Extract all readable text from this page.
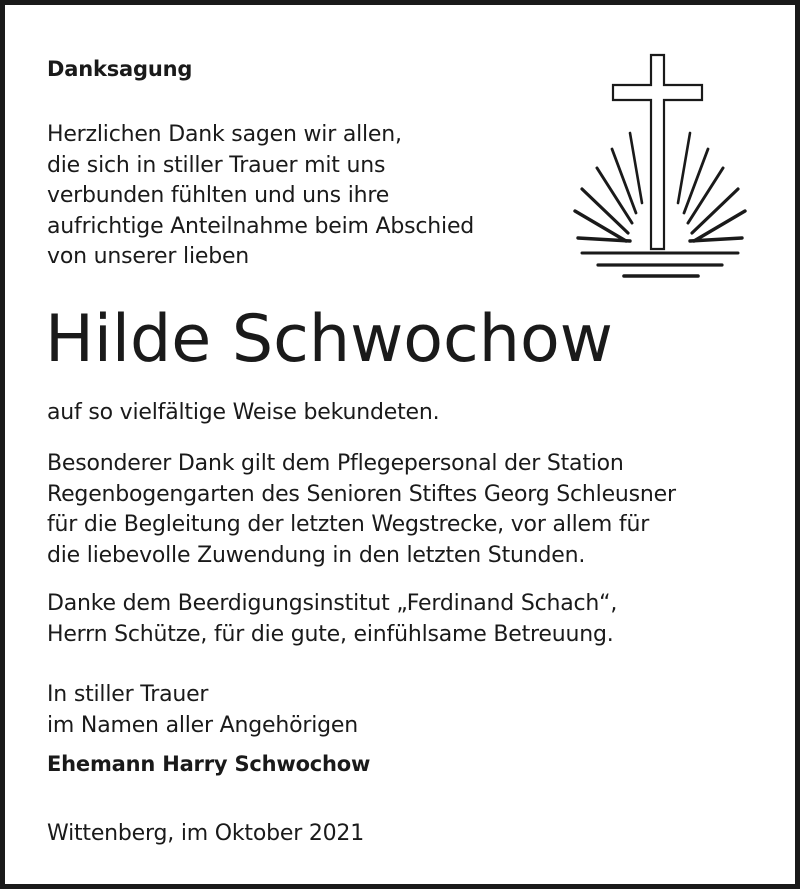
Danksagung
Herzlichen Dank sagen wir allen,
die sich in stiller Trauer mit uns
verbunden fühlten und uns ihre
aufrichtige Anteilnahme beim Abschied
von unserer lieben
Hilde Schwochow
auf so vielfältige Weise bekundeten.
Besonderer Dank gilt dem Pflegepersonal der Station
Regenbogengarten des Senioren Stiftes Georg Schleusner
für die Begleitung der letzten Wegstrecke, vor allem für
die liebevolle Zuwendung in den letzten Stunden.
Danke dem Beerdigungsinstitut „Ferdinand Schach“,
Herrn Schütze, für die gute, einfühlsame Betreuung.
In stiller Trauer
im Namen aller Angehörigen
Ehemann Harry Schwochow
Wittenberg, im Oktober 2021
